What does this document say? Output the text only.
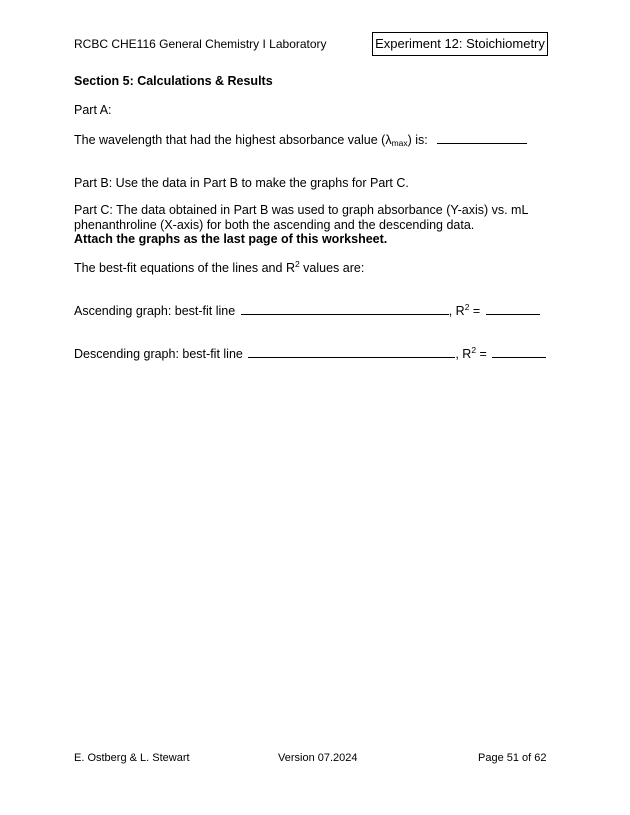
RCBC CHE116 General Chemistry I Laboratory	Experiment 12: Stoichiometry
Section 5: Calculations & Results
Part A:
The wavelength that had the highest absorbance value $(\lambda_{max})$ is:
Part B: Use the data in Part B to make the graphs for Part C.
Part C: The data obtained in Part B was used to graph absorbance (Y-axis) vs. mL
phenanthroline (X-axis) for both the ascending and the descending data.
Attach the graphs as the last page of this worksheet.
The best-fit equations of the lines and $R^2$ values are:
Ascending graph: best-fit line	, $R^2$ =
Descending graph: best-fit line	, $R^2$ =
E. Ostberg & L. Stewart	Version 07.2024	Page 51 of 62
